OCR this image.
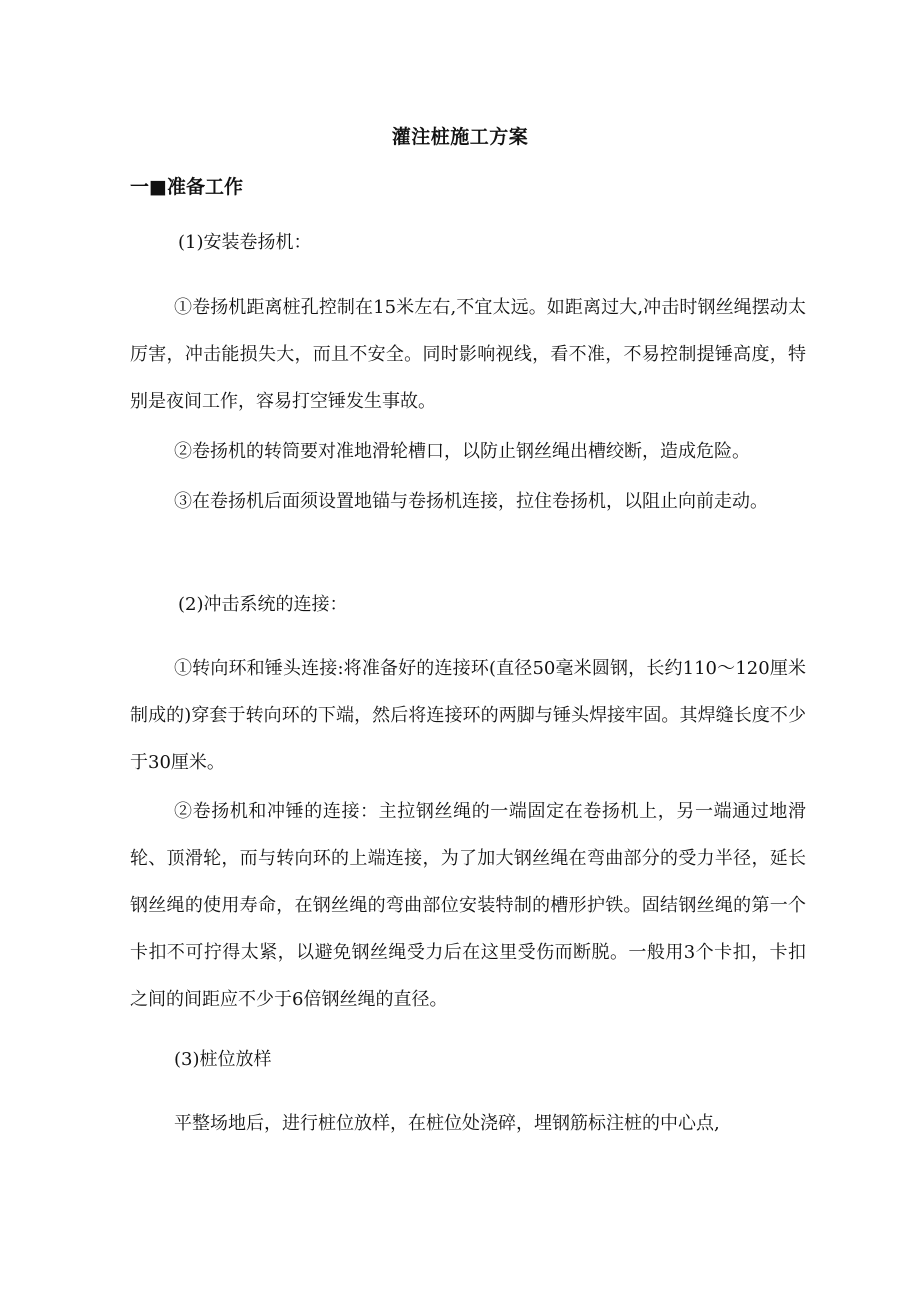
灌注桩施工方案
一■准备工作
(1)安装卷扬机：
①卷扬机距离桩孔控制在15米左右,不宜太远。如距离过大,冲击时钢丝绳摆动太厉害，冲击能损失大，而且不安全。同时影响视线，看不准，不易控制提锤高度，特别是夜间工作，容易打空锤发生事故。
②卷扬机的转筒要对准地滑轮槽口，以防止钢丝绳出槽绞断，造成危险。
③在卷扬机后面须设置地锚与卷扬机连接，拉住卷扬机，以阻止向前走动。
(2)冲击系统的连接：
①转向环和锤头连接:将准备好的连接环(直径50毫米圆钢，长约110～120厘米制成的)穿套于转向环的下端，然后将连接环的两脚与锤头焊接牢固。其焊缝长度不少于30厘米。
②卷扬机和冲锤的连接：主拉钢丝绳的一端固定在卷扬机上，另一端通过地滑轮、顶滑轮，而与转向环的上端连接，为了加大钢丝绳在弯曲部分的受力半径，延长钢丝绳的使用寿命，在钢丝绳的弯曲部位安装特制的槽形护铁。固结钢丝绳的第一个卡扣不可拧得太紧，以避免钢丝绳受力后在这里受伤而断脱。一般用3个卡扣，卡扣之间的间距应不少于6倍钢丝绳的直径。
(3)桩位放样
平整场地后，进行桩位放样，在桩位处浇碎，埋钢筋标注桩的中心点,
